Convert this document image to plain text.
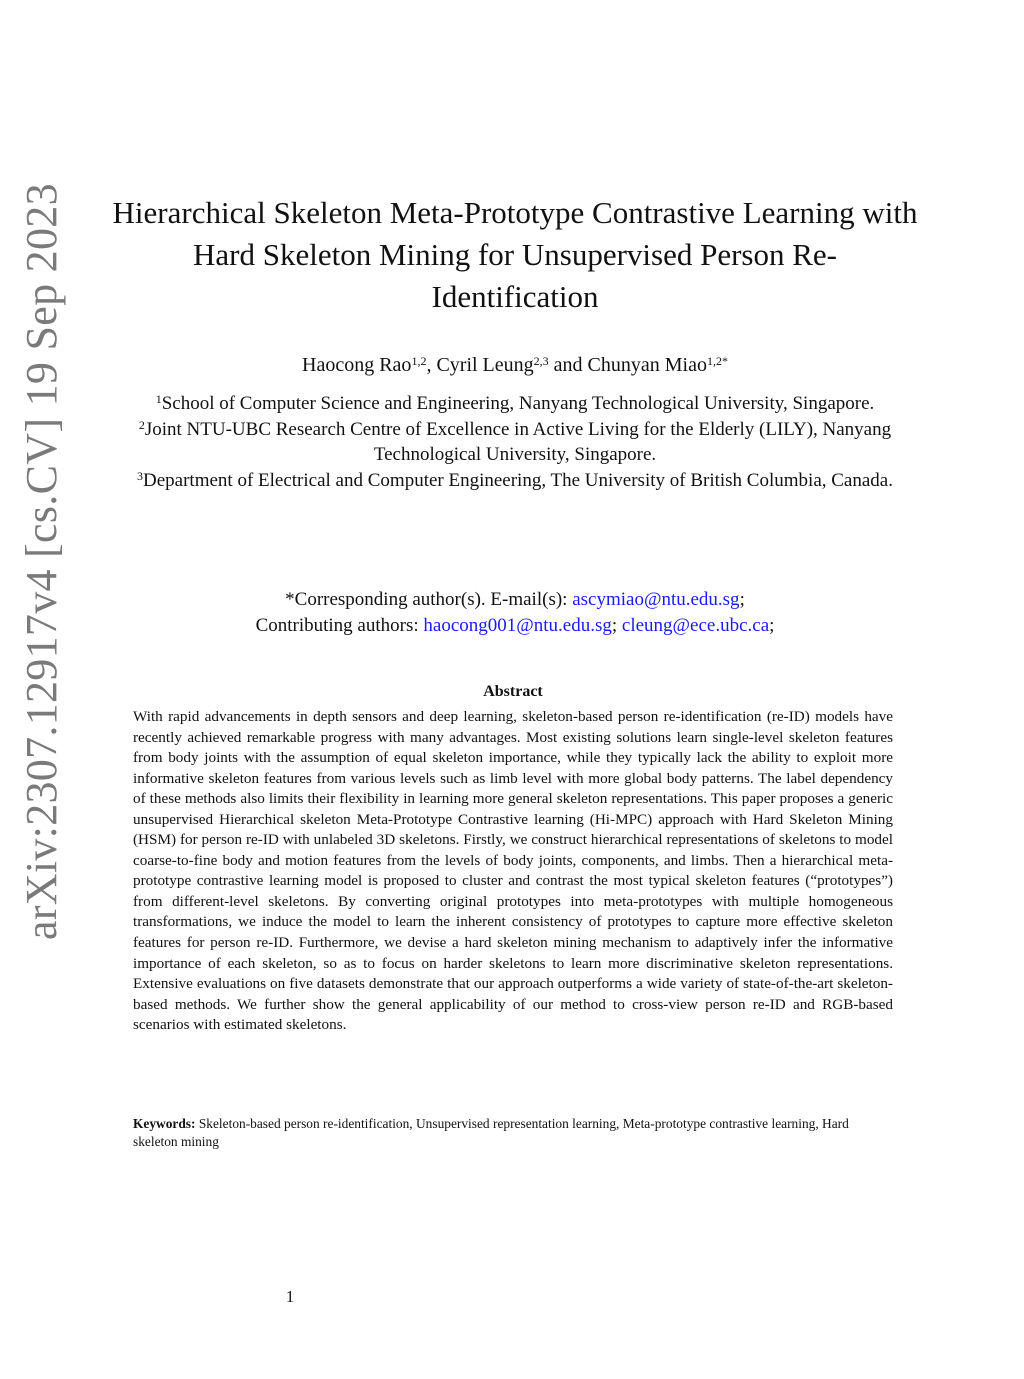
arXiv:2307.12917v4 [cs.CV] 19 Sep 2023 Hierarchical Skeleton Meta-Prototype Contrastive Learning with Hard Skeleton Mining for Unsupervised Person Re-Identification
Haocong Rao$^{1,2}$, Cyril Leung$^{2,3}$ and Chunyan Miao$^{1,2*}$
$^1$School of Computer Science and Engineering, Nanyang Technological University, Singapore.
$^2$Joint NTU-UBC Research Centre of Excellence in Active Living for the Elderly (LILY), Nanyang Technological University, Singapore.
$^3$Department of Electrical and Computer Engineering, The University of British Columbia, Canada.
*Corresponding author(s). E-mail(s): ascymiao@ntu.edu.sg;
Contributing authors: haocong001@ntu.edu.sg; cleung@ece.ubc.ca;
Abstract
With rapid advancements in depth sensors and deep learning, skeleton-based person re-identification (re-ID) models have recently achieved remarkable progress with many advantages. Most existing solutions learn single-level skeleton features from body joints with the assumption of equal skeleton importance, while they typically lack the ability to exploit more informative skeleton features from various levels such as limb level with more global body patterns. The label dependency of these methods also limits their flexibility in learning more general skeleton representations. This paper proposes a generic unsupervised Hierarchical skeleton Meta-Prototype Contrastive learning (Hi-MPC) approach with Hard Skeleton Mining (HSM) for person re-ID with unlabeled 3D skeletons. Firstly, we construct hierarchical representations of skeletons to model coarse-to-fine body and motion features from the levels of body joints, components, and limbs. Then a hierarchical meta-prototype contrastive learning model is proposed to cluster and contrast the most typical skeleton features (“prototypes”) from different-level skeletons. By converting original prototypes into meta-prototypes with multiple homogeneous transformations, we induce the model to learn the inherent consistency of prototypes to capture more effective skeleton features for person re-ID. Furthermore, we devise a hard skeleton mining mechanism to adaptively infer the informative importance of each skeleton, so as to focus on harder skeletons to learn more discriminative skeleton representations. Extensive evaluations on five datasets demonstrate that our approach outperforms a wide variety of state-of-the-art skeleton-based methods. We further show the general applicability of our method to cross-view person re-ID and RGB-based scenarios with estimated skeletons.
Keywords: Skeleton-based person re-identification, Unsupervised representation learning, Meta-prototype contrastive learning, Hard skeleton mining
1
